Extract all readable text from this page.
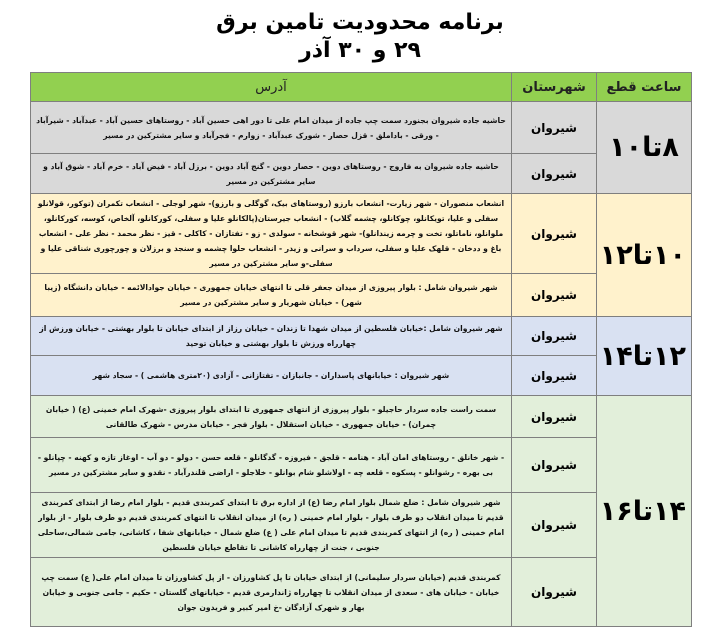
برنامه محدودیت تامین برق
۲۹ و ۳۰ آذر
ساعت قطع	شهرستان	آدرس
۸تا۱۰	شیروان	حاشیه جاده شیروان بجنورد سمت چپ جاده از میدان امام علی تا دور اهی حسین آباد - روستاهای حسین آباد - عبدآباد - شیرآباد - ورقی - باداملق - قزل حصار - شورک عبدآباد - زوارم - فجرآباد و سایر مشترکین در مسیر
	شیروان	حاشیه جاده شیروان به فاروج - روستاهای دوین - حصار دوین - گنج آباد دوین - برزل آباد - فیض آباد - خرم آباد - شوق آباد و سایر مشترکین در مسیر
۱۰تا۱۲	شیروان	انشعاب منصوران - شهر زیارت- انشعاب بارزو (روستاهای بیک، گوگلی و بارزو)- شهر لوجلی - انشعاب تکمران (توکور، قولانلو سفلی و علیا، تویکانلو، چوکانلو، چشمه گلاب) - انشعاب جیرستان(پالکانلو علیا و سفلی، کورکانلو، آلخاص، کوسه، کورکانلو، ملوانلو، ناماتلو، تخت و چرمه زیندانلو)- شهر قوشخانه - سولدی - زو - تفتازان - کاکلی - قیز - نظر محمد - نظر علی - انشعاب باغ و ددخان - قلهک علیا و سفلی، سرداب و سرانی و زیدر - انشعاب حلوا چشمه و سنجد و برزلان و چورچوری شناقی علیا و سفلی-و سایر مشترکین در مسیر
	شیروان	شهر شیروان شامل : بلوار پیروزی از میدان جعفر قلی تا انتهای خیابان جمهوری - خیابان جوادالائمه - خیابان دانشگاه (زیبا شهر) - خیابان شهریار و سایر مشترکین در مسیر
۱۲تا۱۴	شیروان	شهر شیروان شامل :خیابان فلسطین از میدان شهدا تا زندان - خیابان رزاز از ابتدای خیابان تا بلوار بهشتی - خیابان ورزش از چهارراه ورزش تا بلوار بهشتی و خیابان توحید
	شیروان	شهر شیروان : خیابانهای پاسداران - جانبازان - تفتازانی - آزادی (۲۰متری هاشمی ) - سجاد شهر
۱۴تا۱۶	شیروان	سمت راست جاده سردار حاجیلو - بلوار پیروزی از انتهای جمهوری تا ابتدای بلوار پیروزی -شهرک امام خمینی (ع) ( خیابان چمران) - خیابان جمهوری - خیابان استقلال - بلوار فجر - خیابان مدرس - شهرک طالقانی
	شیروان	- شهر خانلق - روستاهای امان آباد - هنامه - قلجق - فیروزه - گدگانلو - قلعه حسن - دولو - دو آب - اوغاز تازه و کهنه - چپانلو - بی بهره - رشوانلو - پسکوه - قلعه چه - اولاشلو شام بوانلو - خلاجلو - اراضی قلندرآباد - نقدو و سایر مشترکین در مسیر
	شیروان	شهر شیروان شامل : ضلع شمال بلوار امام رضا (ع) از اداره برق تا ابتدای کمربندی قدیم - بلوار امام رضا از ابتدای کمربندی قدیم تا میدان انقلاب دو طرف بلوار - بلوار امام خمینی ( ره) از میدان انقلاب تا انتهای کمربندی قدیم دو طرف بلوار - از بلوار امام خمینی ( ره) از انتهای کمربندی قدیم تا میدان امام علی ( ع) ضلع شمال - خیابانهای شفا ، کاشانی، جامی شمالی،ساحلی جنوبی ، جنت از چهارراه کاشانی تا تقاطع خیابان فلسطین
	شیروان	کمربندی قدیم (خیابان سردار سلیمانی) از ابتدای خیابان تا پل کشاورزان - از پل کشاورزان تا میدان امام علی( ع) سمت چپ خیابان - خیابان های - سعدی از میدان انقلاب تا چهارراه ژاندارمری قدیم - خیابانهای گلستان - حکیم - جامی جنوبی و خیابان بهار و شهرک آزادگان -خ امیر کبیر و فریدون جوان
